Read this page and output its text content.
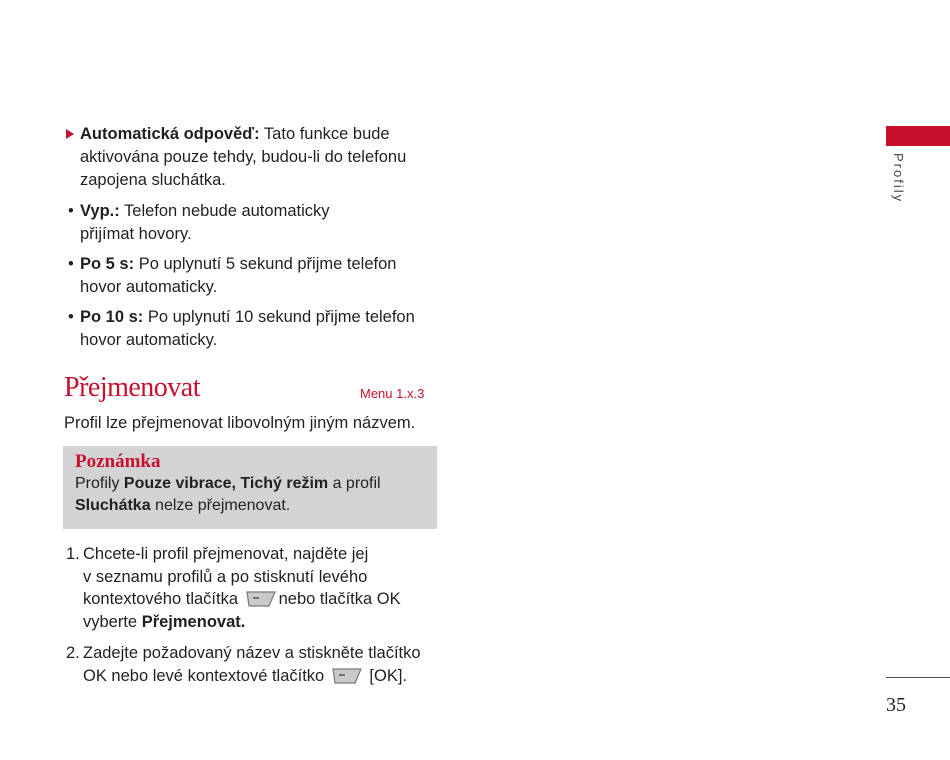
Automatická odpověď: Tato funkce bude
aktivována pouze tehdy, budou-li do telefonu
zapojena sluchátka.
• Vyp.: Telefon nebude automaticky
přijímat hovory.
• Po 5 s: Po uplynutí 5 sekund přijme telefon
hovor automaticky.
• Po 10 s: Po uplynutí 10 sekund přijme telefon
hovor automaticky.
Přejmenovat	Menu 1.x.3
Profil lze přejmenovat libovolným jiným názvem.
Poznámka
Profily Pouze vibrace, Tichý režim a profil
Sluchátka nelze přejmenovat.
1. Chcete-li profil přejmenovat, najděte jej
v seznamu profilů a po stisknutí levého
kontextového tlačítka nebo tlačítka OK
vyberte Přejmenovat.
2. Zadejte požadovaný název a stiskněte tlačítko
OK nebo levé kontextové tlačítko  [OK].
Profily
35
